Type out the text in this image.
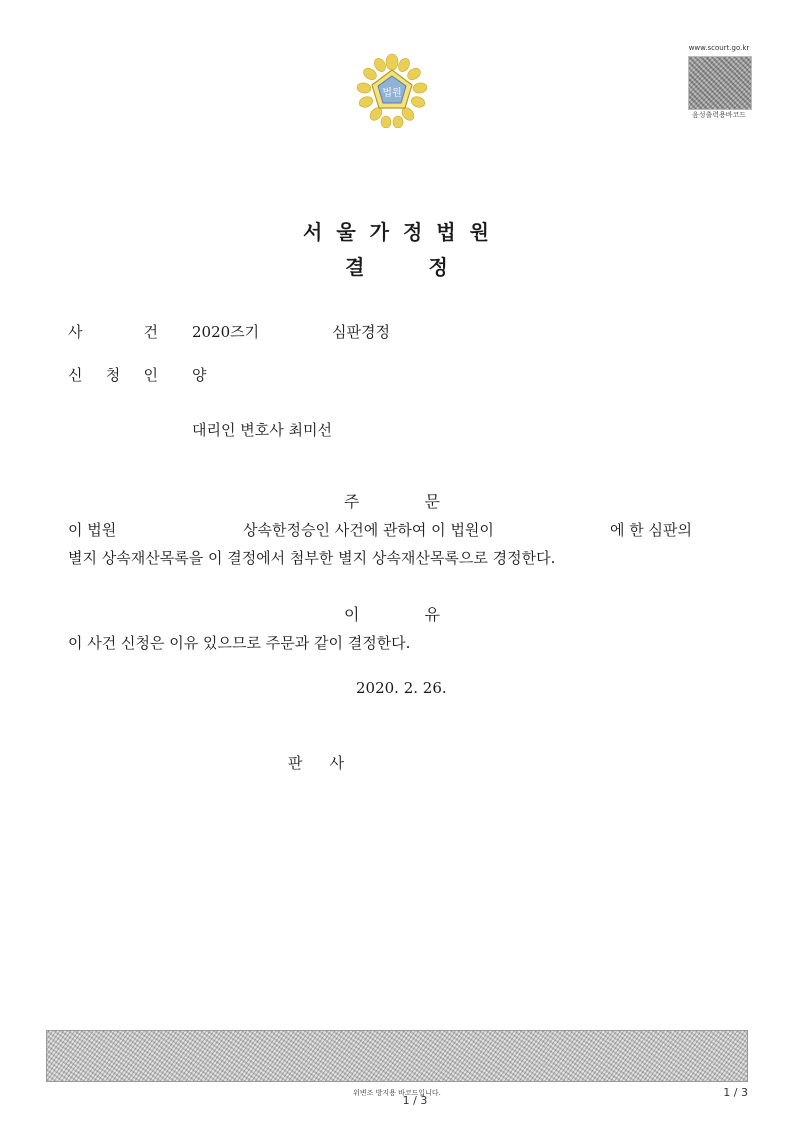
법원
www.scourt.go.kr
음성출력용바코드
서 울 가 정 법 원
결   정
사	건 2020즈기	심판경정
신 청 인 양
대리인 변호사 최미선
주	문
이 법원	상속한정승인 사건에 관하여 이 법원이	에 한 심판의
별지 상속재산목록을 이 결정에서 첨부한 별지 상속재산목록으로 경정한다.
이	유
이 사건 신청은 이유 있으므로 주문과 같이 결정한다.
2020. 2. 26.
판 사
위변조 방지용 바코드입니다.
1 / 3
1 / 3
